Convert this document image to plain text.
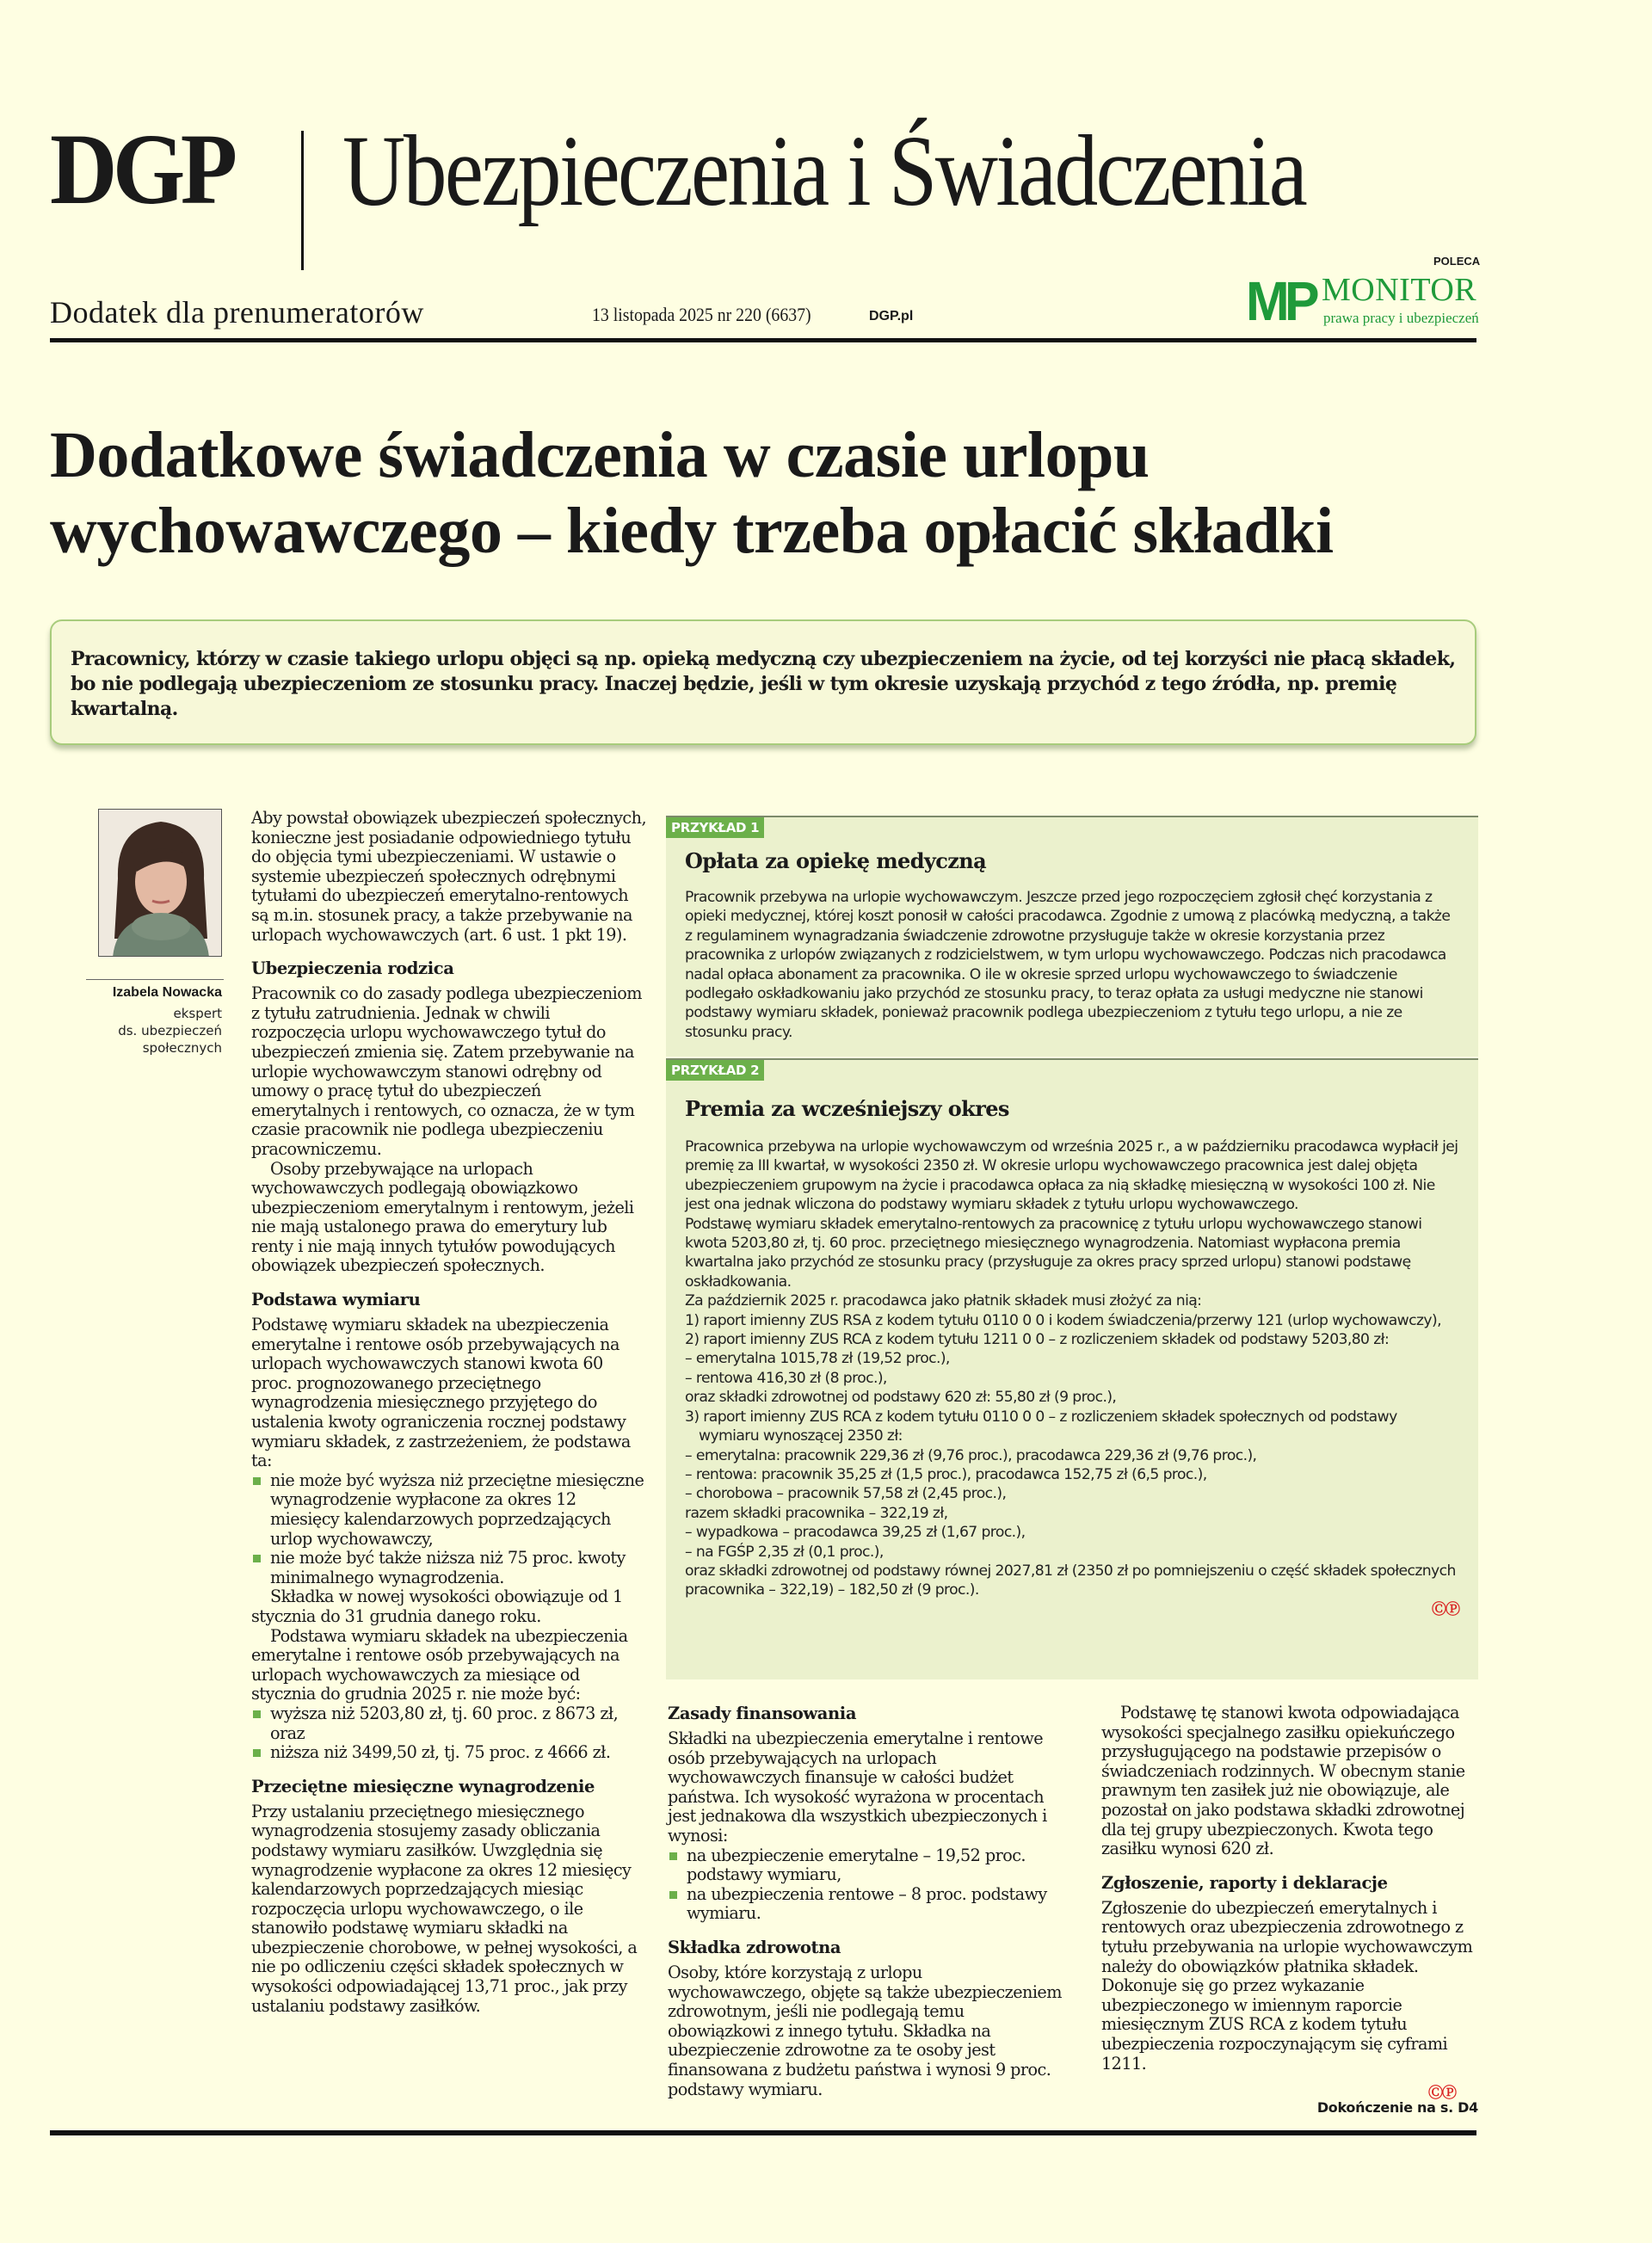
DGP Ubezpieczenia i Świadczenia
Dodatek dla prenumeratorów	13 listopada 2025 nr 220 (6637)	DGP.pl
POLECA
MP MONITOR
prawa pracy i ubezpieczeń
Dodatkowe świadczenia w czasie urlopu
wychowawczego – kiedy trzeba opłacić składki

Pracownicy, którzy w czasie takiego urlopu objęci są np. opieką medyczną czy ubezpieczeniem na życie, od tej korzyści nie płacą składek, bo nie podlegają ubezpieczeniom ze stosunku pracy. Inaczej będzie, jeśli w tym okresie uzyskają przychód z tego źródła, np. premię kwartalną.

Izabela Nowacka
ekspert
ds. ubezpieczeń
społecznych

Aby powstał obowiązek ubezpieczeń społecznych, konieczne jest posiadanie odpowiedniego tytułu do objęcia tymi ubezpieczeniami. W ustawie o systemie ubezpieczeń społecznych odrębnymi tytułami do ubezpieczeń emerytalno-rentowych są m.in. stosunek pracy, a także przebywanie na urlopach wychowawczych (art. 6 ust. 1 pkt 19).

Ubezpieczenia rodzica

Pracownik co do zasady podlega ubezpieczeniom z tytułu zatrudnienia. Jednak w chwili rozpoczęcia urlopu wychowawczego tytuł do ubezpieczeń zmienia się. Zatem przebywanie na urlopie wychowawczym stanowi odrębny od umowy o pracę tytuł do ubezpieczeń emerytalnych i rentowych, co oznacza, że w tym czasie pracownik nie podlega ubezpieczeniu pracowniczemu.

Osoby przebywające na urlopach wychowawczych podlegają obowiązkowo ubezpieczeniom emerytalnym i rentowym, jeżeli nie mają ustalonego prawa do emerytury lub renty i nie mają innych tytułów powodujących obowiązek ubezpieczeń społecznych.

Podstawa wymiaru

Podstawę wymiaru składek na ubezpieczenia emerytalne i rentowe osób przebywających na urlopach wychowawczych stanowi kwota 60 proc. prognozowanego przeciętnego wynagrodzenia miesięcznego przyjętego do ustalenia kwoty ograniczenia rocznej podstawy wymiaru składek, z zastrzeżeniem, że podstawa ta:

nie może być wyższa niż przeciętne miesięczne wynagrodzenie wypłacone za okres 12 miesięcy kalendarzowych poprzedzających urlop wychowawczy,
nie może być także niższa niż 75 proc. kwoty minimalnego wynagrodzenia.

Składka w nowej wysokości obowiązuje od 1 stycznia do 31 grudnia danego roku.

Podstawa wymiaru składek na ubezpieczenia emerytalne i rentowe osób przebywających na urlopach wychowawczych za miesiące od stycznia do grudnia 2025 r. nie może być:

wyższa niż 5203,80 zł, tj. 60 proc. z 8673 zł, oraz
niższa niż 3499,50 zł, tj. 75 proc. z 4666 zł.
Przeciętne miesięczne wynagrodzenie

Przy ustalaniu przeciętnego miesięcznego wynagrodzenia stosujemy zasady obliczania podstawy wymiaru zasiłków. Uwzględnia się wynagrodzenie wypłacone za okres 12 miesięcy kalendarzowych poprzedzających miesiąc rozpoczęcia urlopu wychowawczego, o ile stanowiło podstawę wymiaru składki na ubezpieczenie chorobowe, w pełnej wysokości, a nie po odliczeniu części składek społecznych w wysokości odpowiadającej 13,71 proc., jak przy ustalaniu podstawy zasiłków.

PRZYKŁAD 1
Opłata za opiekę medyczną

Pracownik przebywa na urlopie wychowawczym. Jeszcze przed jego rozpoczęciem zgłosił chęć korzystania z opieki medycznej, której koszt ponosił w całości pracodawca. Zgodnie z umową z placówką medyczną, a także z regulaminem wynagradzania świadczenie zdrowotne przysługuje także w okresie korzystania przez pracownika z urlopów związanych z rodzicielstwem, w tym urlopu wychowawczego. Podczas nich pracodawca nadal opłaca abonament za pracownika. O ile w okresie sprzed urlopu wychowawczego to świadczenie podlegało oskładkowaniu jako przychód ze stosunku pracy, to teraz opłata za usługi medyczne nie stanowi podstawy wymiaru składek, ponieważ pracownik podlega ubezpieczeniom z tytułu tego urlopu, a nie ze stosunku pracy.

PRZYKŁAD 2
Premia za wcześniejszy okres

Pracownica przebywa na urlopie wychowawczym od września 2025 r., a w październiku pracodawca wypłacił jej premię za III kwartał, w wysokości 2350 zł. W okresie urlopu wychowawczego pracownica jest dalej objęta ubezpieczeniem grupowym na życie i pracodawca opłaca za nią składkę miesięczną w wysokości 100 zł. Nie jest ona jednak wliczona do podstawy wymiaru składek z tytułu urlopu wychowawczego.

Podstawę wymiaru składek emerytalno-rentowych za pracownicę z tytułu urlopu wychowawczego stanowi kwota 5203,80 zł, tj. 60 proc. przeciętnego miesięcznego wynagrodzenia. Natomiast wypłacona premia kwartalna jako przychód ze stosunku pracy (przysługuje za okres pracy sprzed urlopu) stanowi podstawę oskładkowania.

Za październik 2025 r. pracodawca jako płatnik składek musi złożyć za nią:

1) raport imienny ZUS RSA z kodem tytułu 0110 0 0 i kodem świadczenia/przerwy 121 (urlop wychowawczy),

2) raport imienny ZUS RCA z kodem tytułu 1211 0 0 – z rozliczeniem składek od podstawy 5203,80 zł:

– emerytalna 1015,78 zł (19,52 proc.),

– rentowa 416,30 zł (8 proc.),

oraz składki zdrowotnej od podstawy 620 zł: 55,80 zł (9 proc.),

3) raport imienny ZUS RCA z kodem tytułu 0110 0 0 – z rozliczeniem składek społecznych od podstawy wymiaru wynoszącej 2350 zł:

– emerytalna: pracownik 229,36 zł (9,76 proc.), pracodawca 229,36 zł (9,76 proc.),

– rentowa: pracownik 35,25 zł (1,5 proc.), pracodawca 152,75 zł (6,5 proc.),

– chorobowa – pracownik 57,58 zł (2,45 proc.),

razem składki pracownika – 322,19 zł,

– wypadkowa – pracodawca 39,25 zł (1,67 proc.),

– na FGŚP 2,35 zł (0,1 proc.),

oraz składki zdrowotnej od podstawy równej 2027,81 zł (2350 zł po pomniejszeniu o część składek społecznych pracownika – 322,19) – 182,50 zł (9 proc.).

ⒸⓅ

Zasady finansowania

Składki na ubezpieczenia emerytalne i rentowe osób przebywających na urlopach wychowawczych finansuje w całości budżet państwa. Ich wysokość wyrażona w procentach jest jednakowa dla wszystkich ubezpieczonych i wynosi:

na ubezpieczenie emerytalne – 19,52 proc. podstawy wymiaru,
na ubezpieczenia rentowe – 8 proc. podstawy wymiaru.
Składka zdrowotna

Osoby, które korzystają z urlopu wychowawczego, objęte są także ubezpieczeniem zdrowotnym, jeśli nie podlegają temu obowiązkowi z innego tytułu. Składka na ubezpieczenie zdrowotne za te osoby jest finansowana z budżetu państwa i wynosi 9 proc. podstawy wymiaru.

Podstawę tę stanowi kwota odpowiadająca wysokości specjalnego zasiłku opiekuńczego przysługującego na podstawie przepisów o świadczeniach rodzinnych. W obecnym stanie prawnym ten zasiłek już nie obowiązuje, ale pozostał on jako podstawa składki zdrowotnej dla tej grupy ubezpieczonych. Kwota tego zasiłku wynosi 620 zł.

Zgłoszenie, raporty i deklaracje

Zgłoszenie do ubezpieczeń emerytalnych i rentowych oraz ubezpieczenia zdrowotnego z tytułu przebywania na urlopie wychowawczym należy do obowiązków płatnika składek. Dokonuje się go przez wykazanie ubezpieczonego w imiennym raporcie miesięcznym ZUS RCA z kodem tytułu ubezpieczenia rozpoczynającym się cyframi 1211.

ⒸⓅ
Dokończenie na s. D4
